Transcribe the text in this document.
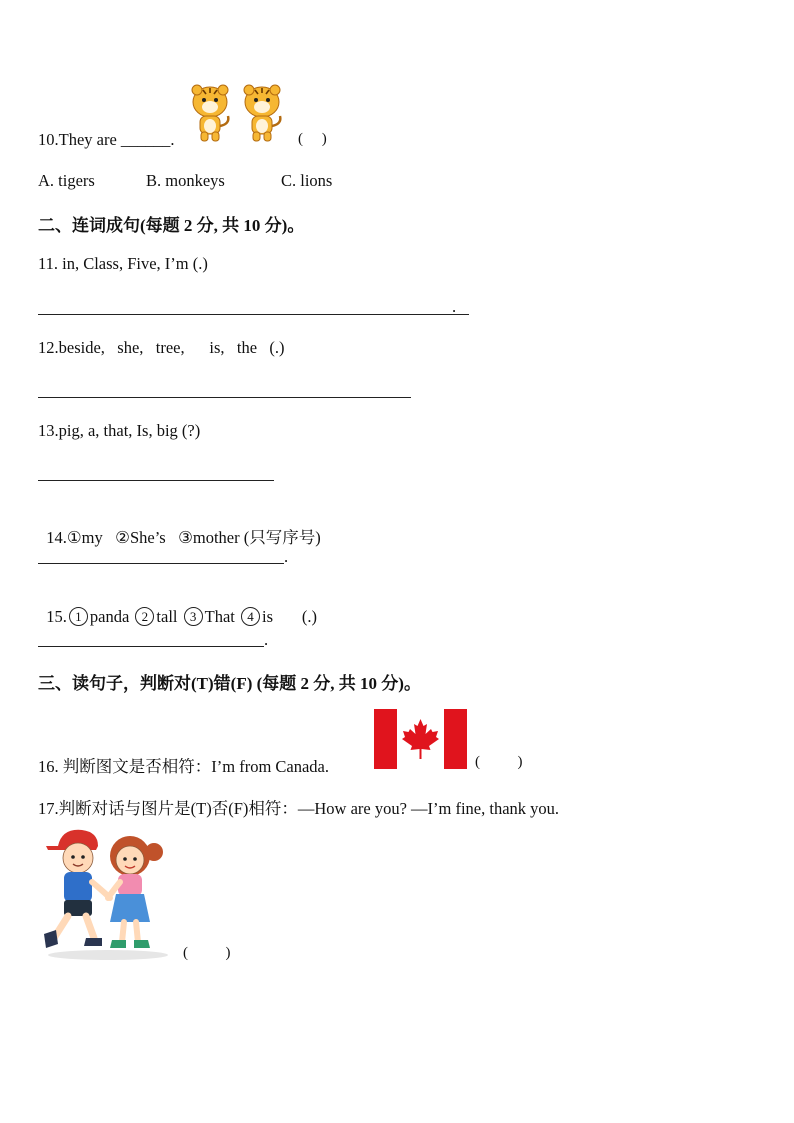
10.They are ______.	(     )
A. tigers	B. monkeys	C. lions
二、连词成句(每题 2 分, 共 10 分)。
11. in, Class, Five, I’m (.)
.
12.beside,   she,   tree,      is,   the   (.)
13.pig, a, that, Is, big (?)

14.①my ②She’s ③mother (只写序号)

.

15. 1 panda 2 tall 3 That 4 is (.)

.
三、读句子，判断对(T)错(F) (每题 2 分, 共 10 分)。
16. 判断图文是否相符：I’m from Canada.	(          )
17.判断对话与图片是(T)否(F)相符：—How are you? —I’m fine, thank you.
(          )
